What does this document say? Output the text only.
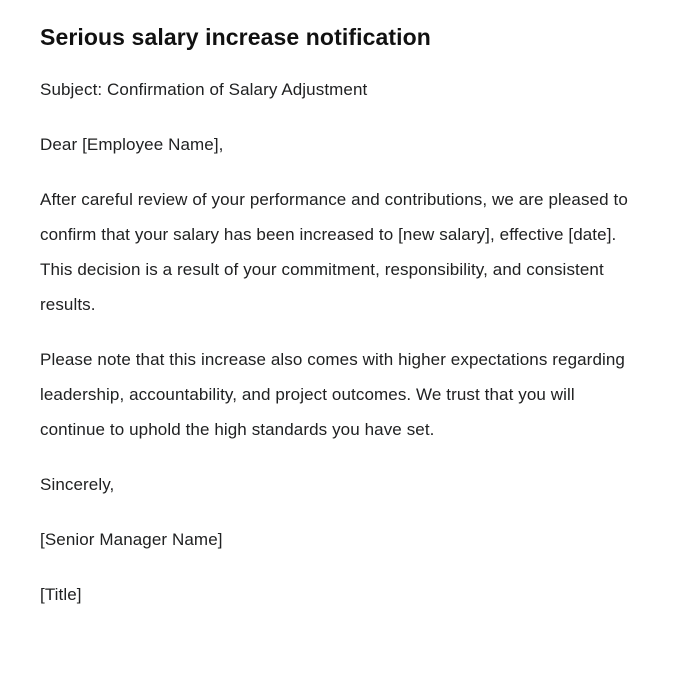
Serious salary increase notification

Subject: Confirmation of Salary Adjustment

Dear [Employee Name],

After careful review of your performance and contributions, we are pleased to confirm that your salary has been increased to [new salary], effective [date]. This decision is a result of your commitment, responsibility, and consistent results.

Please note that this increase also comes with higher expectations regarding leadership, accountability, and project outcomes. We trust that you will continue to uphold the high standards you have set.

Sincerely,

[Senior Manager Name]

[Title]
